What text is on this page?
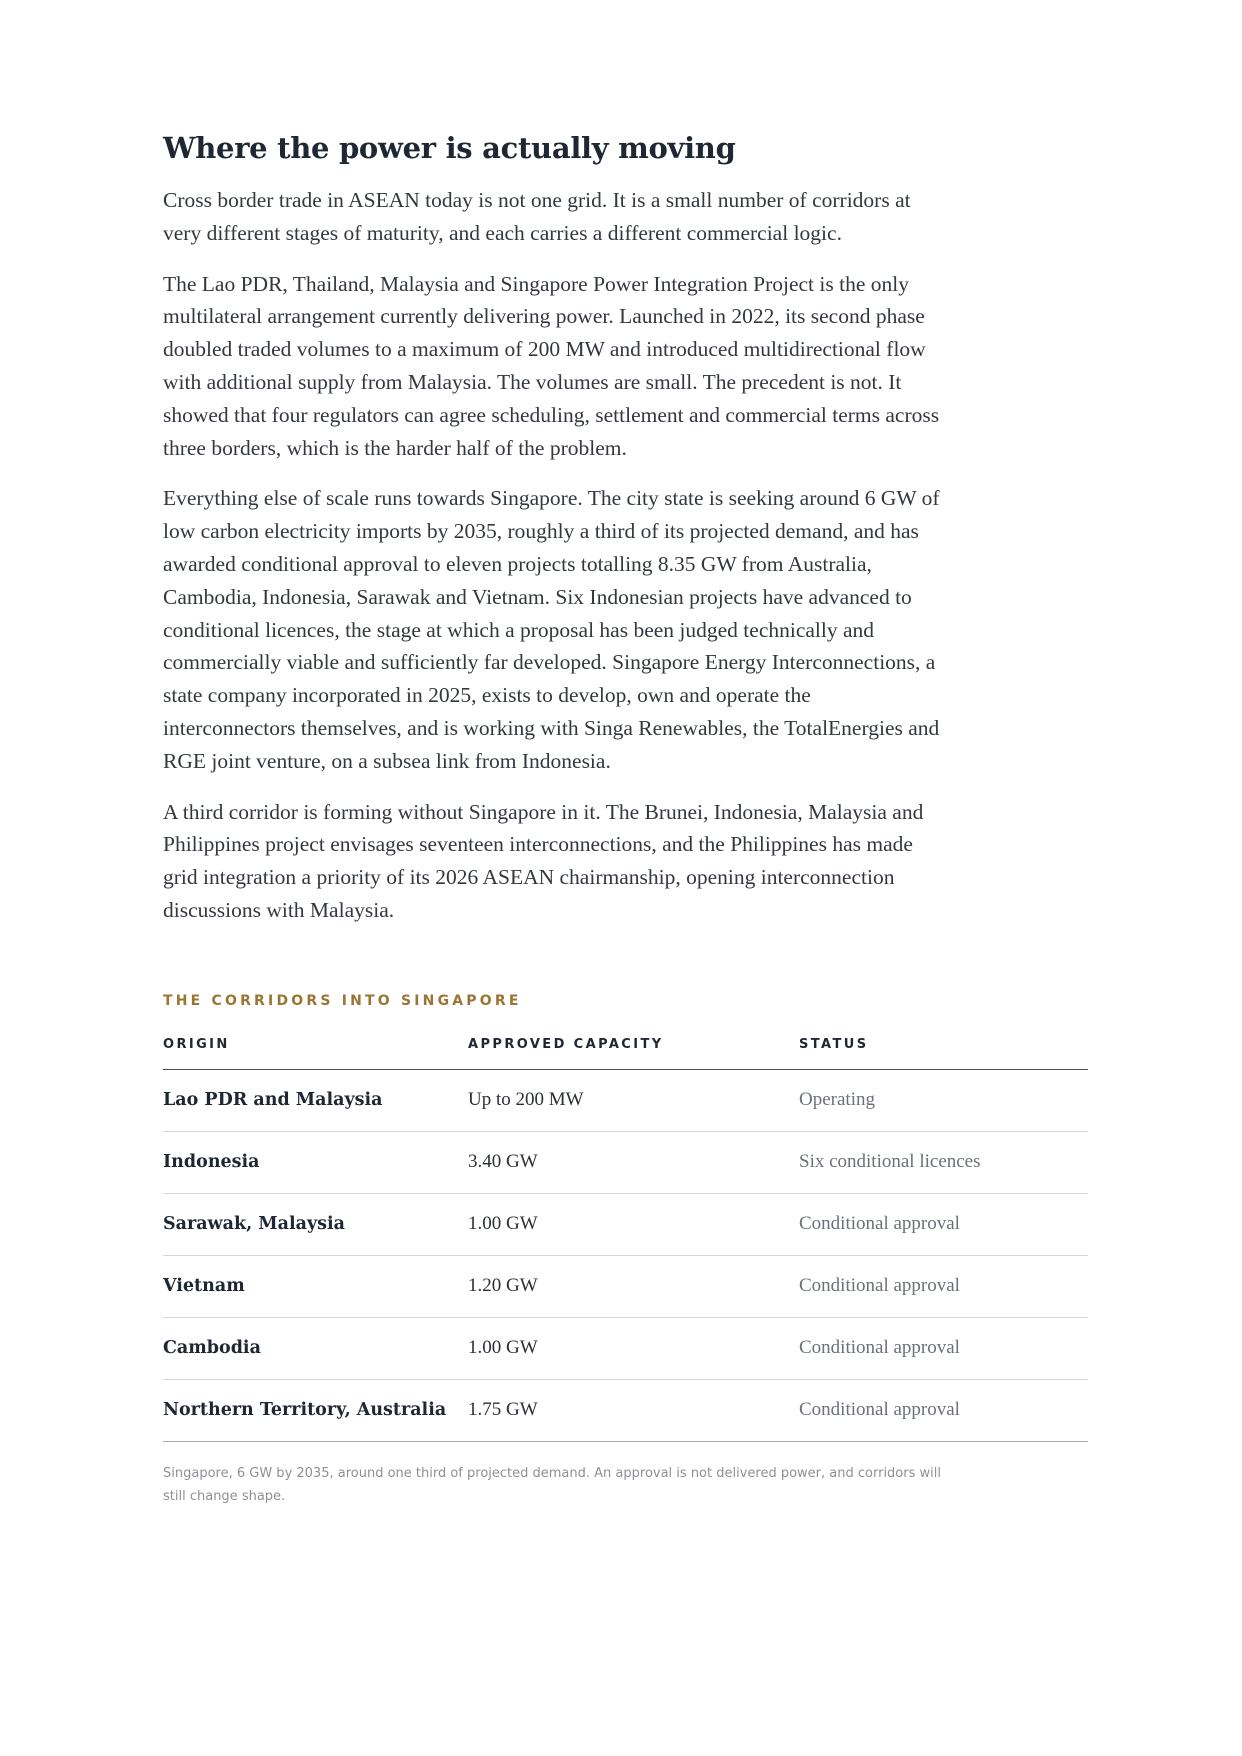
Where the power is actually moving

Cross border trade in ASEAN today is not one grid. It is a small number of corridors at very different stages of maturity, and each carries a different commercial logic.

The Lao PDR, Thailand, Malaysia and Singapore Power Integration Project is the only multilateral arrangement currently delivering power. Launched in 2022, its second phase doubled traded volumes to a maximum of 200 MW and introduced multidirectional flow with additional supply from Malaysia. The volumes are small. The precedent is not. It showed that four regulators can agree scheduling, settlement and commercial terms across three borders, which is the harder half of the problem.

Everything else of scale runs towards Singapore. The city state is seeking around 6 GW of low carbon electricity imports by 2035, roughly a third of its projected demand, and has awarded conditional approval to eleven projects totalling 8.35 GW from Australia, Cambodia, Indonesia, Sarawak and Vietnam. Six Indonesian projects have advanced to conditional licences, the stage at which a proposal has been judged technically and commercially viable and sufficiently far developed. Singapore Energy Interconnections, a state company incorporated in 2025, exists to develop, own and operate the interconnectors themselves, and is working with Singa Renewables, the TotalEnergies and RGE joint venture, on a subsea link from Indonesia.

A third corridor is forming without Singapore in it. The Brunei, Indonesia, Malaysia and Philippines project envisages seventeen interconnections, and the Philippines has made grid integration a priority of its 2026 ASEAN chairmanship, opening interconnection discussions with Malaysia.

THE CORRIDORS INTO SINGAPORE
ORIGIN	APPROVED CAPACITY	STATUS
Lao PDR and Malaysia	Up to 200 MW	Operating
Indonesia	3.40 GW	Six conditional licences
Sarawak, Malaysia	1.00 GW	Conditional approval
Vietnam	1.20 GW	Conditional approval
Cambodia	1.00 GW	Conditional approval
Northern Territory, Australia	1.75 GW	Conditional approval
Singapore, 6 GW by 2035, around one third of projected demand. An approval is not delivered power, and corridors will still change shape.
